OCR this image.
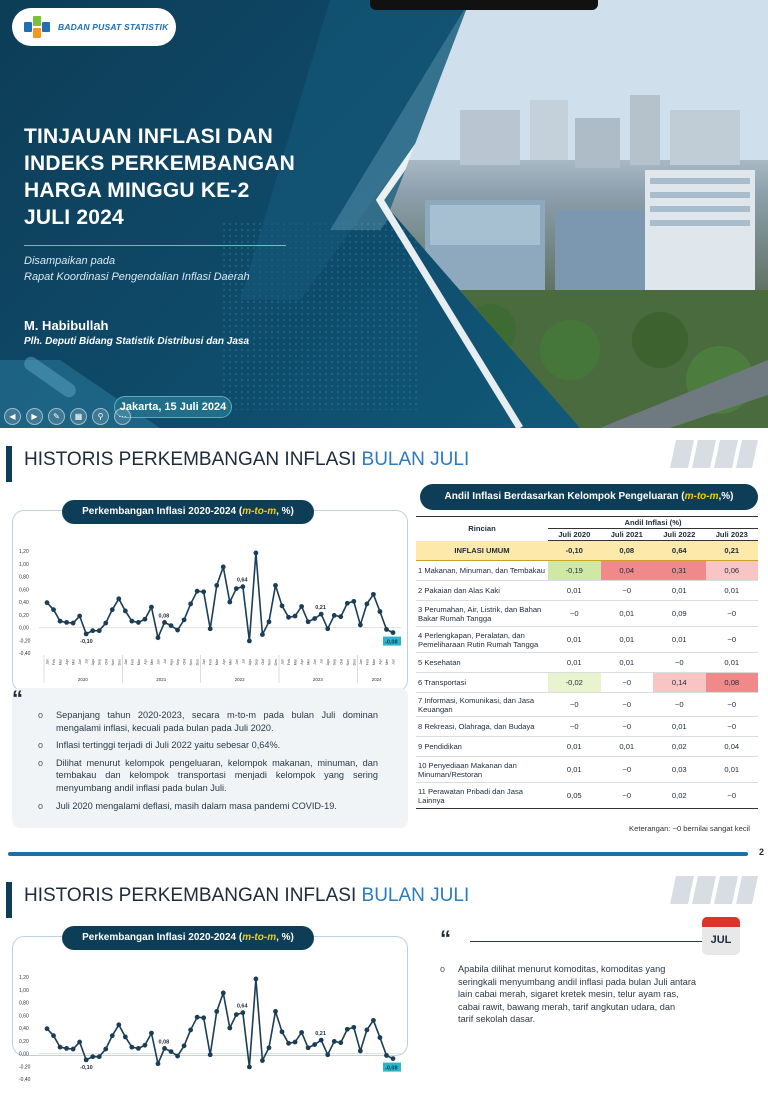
BADAN PUSAT STATISTIK
TINJAUAN INFLASI DAN
INDEKS PERKEMBANGAN
HARGA MINGGU KE-2
JULI 2024
Disampaikan pada
Rapat Koordinasi Pengendalian Inflasi Daerah
M. Habibullah
Plh. Deputi Bidang Statistik Distribusi dan Jasa
Jakarta, 15 Juli 2024
◀	▶	✎	▦	⚲	⋯
HISTORIS PERKEMBANGAN INFLASI BULAN JULI
1,20
1,00
0,80
0,60
0,40
0,20
0,00
-0,20
-0,40
-0,10
0,08
0,64
0,21
-0,08
Jan Feb Mar Apr Mei Jun Jul Agu Sep Okt Nov Des Jan Feb Mar Apr Mei Jun Jul Agu Sep Okt Nov Des Jan Feb Mar Apr Mei Jun Jul Agu Sep Okt Nov Des Jan Feb Mar Apr Mei Jun Jul Agu Sep Okt Nov Des Jan Feb Mar Apr Mei Jun
2020	2021	2022	2023	2024
Perkembangan Inflasi 2020-2024 (m-to-m, %)
“
o Sepanjang tahun 2020-2023, secara m-to-m pada bulan Juli dominan mengalami inflasi, kecuali pada bulan pada Juli 2020.
o Inflasi tertinggi terjadi di Juli 2022 yaitu sebesar 0,64%.
o Dilihat menurut kelompok pengeluaran, kelompok makanan, minuman, dan tembakau dan kelompok transportasi menjadi kelompok yang sering menyumbang andil inflasi pada bulan Juli.
o Juli 2020 mengalami deflasi, masih dalam masa pandemi COVID-19.
Andil Inflasi Berdasarkan Kelompok Pengeluaran (m-to-m,%)
Rincian	Andil Inflasi (%)			
	Juli 2020	Juli 2021	Juli 2022	Juli 2023
INFLASI UMUM	-0,10	0,08	0,64	0,21
1 Makanan, Minuman, dan Tembakau	-0,19	0,04	0,31	0,06
2 Pakaian dan Alas Kaki	0,01	~0	0,01	0,01
3 Perumahan, Air, Listrik, dan Bahan Bakar Rumah Tangga	~0	0,01	0,09	~0
4 Perlengkapan, Peralatan, dan Pemeliharaan Rutin Rumah Tangga	0,01	0,01	0,01	~0
5 Kesehatan	0,01	0,01	~0	0,01
6 Transportasi	-0,02	~0	0,14	0,08
7 Informasi, Komunikasi, dan Jasa Keuangan	~0	~0	~0	~0
8 Rekreasi, Olahraga, dan Budaya	~0	~0	0,01	~0
9 Pendidikan	0,01	0,01	0,02	0,04
10 Penyediaan Makanan dan Minuman/Restoran	0,01	~0	0,03	0,01
11 Perawatan Pribadi dan Jasa Lainnya	0,05	~0	0,02	~0
Keterangan: ~0 bernilai sangat kecil
2
HISTORIS PERKEMBANGAN INFLASI BULAN JULI
1,20
1,00
0,80
0,60
0,40
0,20
0,00
-0,20
-0,40
-0,10
0,08
0,64
0,21
-0,08
Perkembangan Inflasi 2020-2024 (m-to-m, %)	“	JUL
o Apabila dilihat menurut komoditas, komoditas yang
seringkali menyumbang andil inflasi pada bulan Juli antara
lain cabai merah, sigaret kretek mesin, telur ayam ras,
cabai rawit, bawang merah, tarif angkutan udara, dan
tarif sekolah dasar.
